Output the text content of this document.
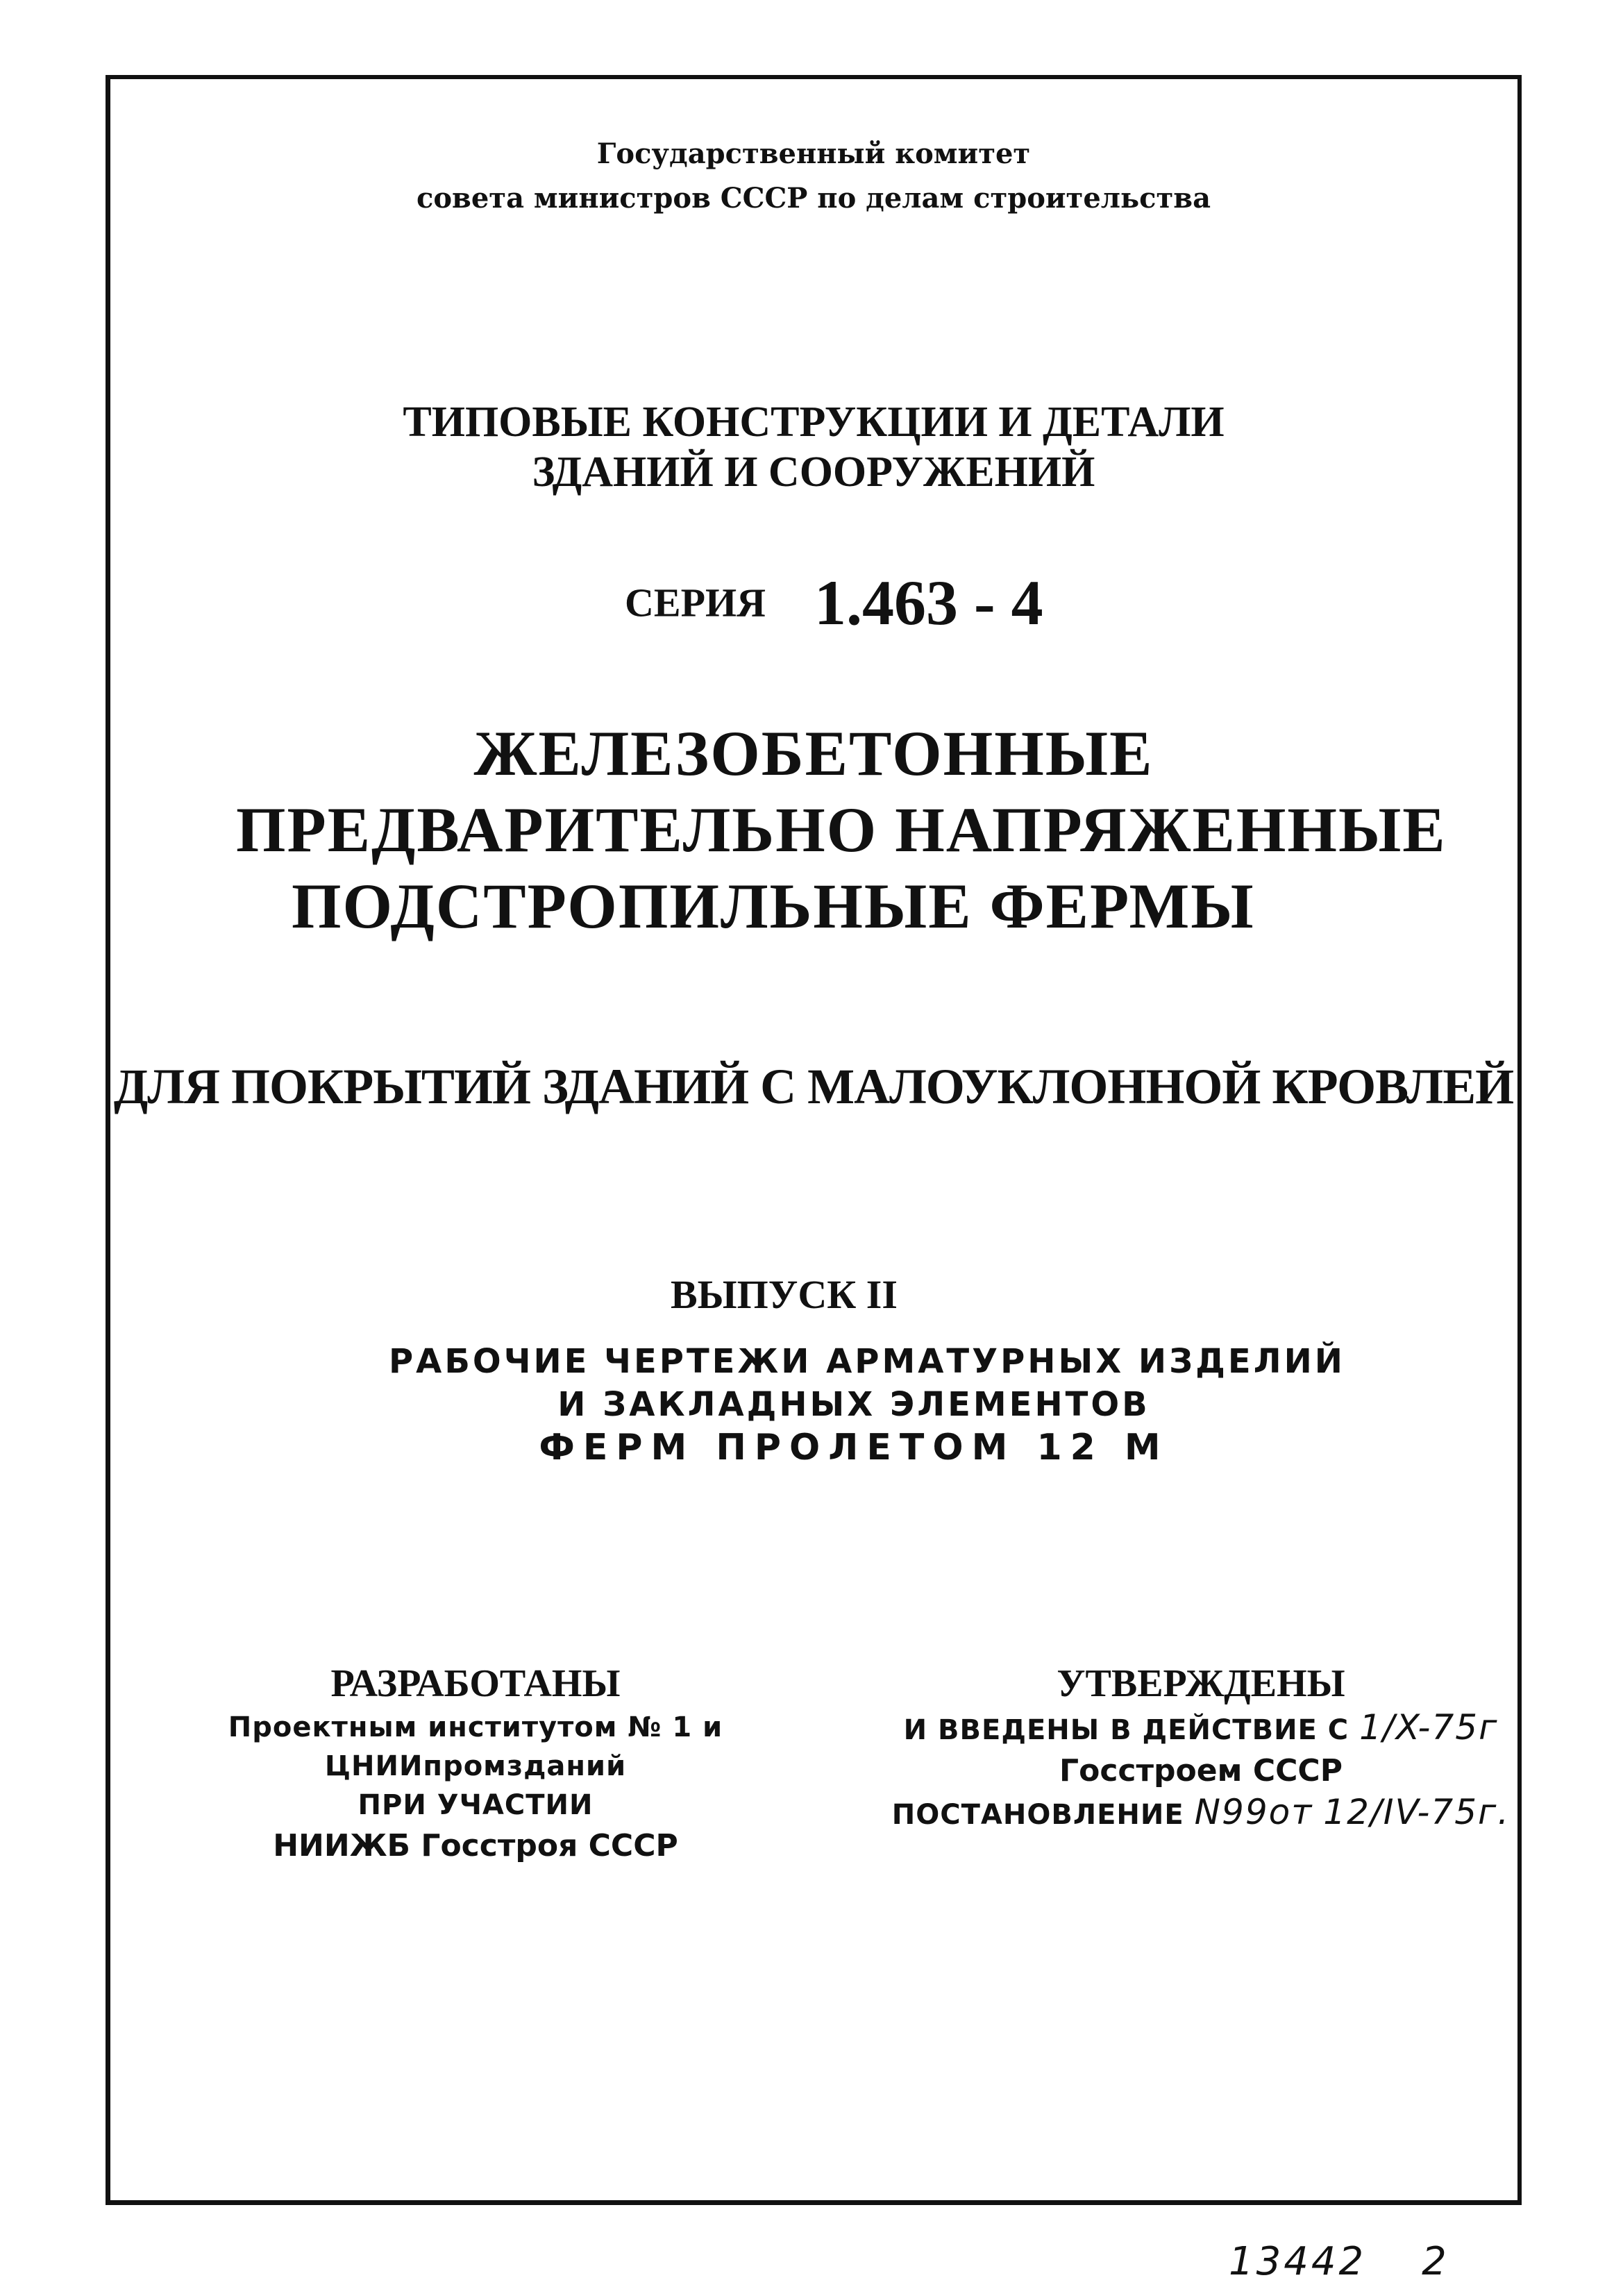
Государственный комитет
совета министров СССР по делам строительства
ТИПОВЫЕ КОНСТРУКЦИИ И ДЕТАЛИ
ЗДАНИЙ И СООРУЖЕНИЙ
СЕРИЯ 1.463 - 4
ЖЕЛЕЗОБЕТОННЫЕ
ПРЕДВАРИТЕЛЬНО НАПРЯЖЕННЫЕ
ПОДСТРОПИЛЬНЫЕ ФЕРМЫ
ДЛЯ ПОКРЫТИЙ ЗДАНИЙ С МАЛОУКЛОННОЙ КРОВЛЕЙ
ВЫПУСК II
РАБОЧИЕ ЧЕРТЕЖИ АРМАТУРНЫХ ИЗДЕЛИЙ
И ЗАКЛАДНЫХ ЭЛЕМЕНТОВ
ФЕРМ ПРОЛЕТОМ 12 М
РАЗРАБОТАНЫ
Проектным институтом № 1 и
ЦНИИпромзданий
ПРИ УЧАСТИИ
НИИЖБ Госстроя СССР
УТВЕРЖДЕНЫ
И ВВЕДЕНЫ В ДЕЙСТВИЕ С 1/X-75г
Госстроем СССР
ПОСТАНОВЛЕНИЕ N99от 12/IV-75г.
13442 2
